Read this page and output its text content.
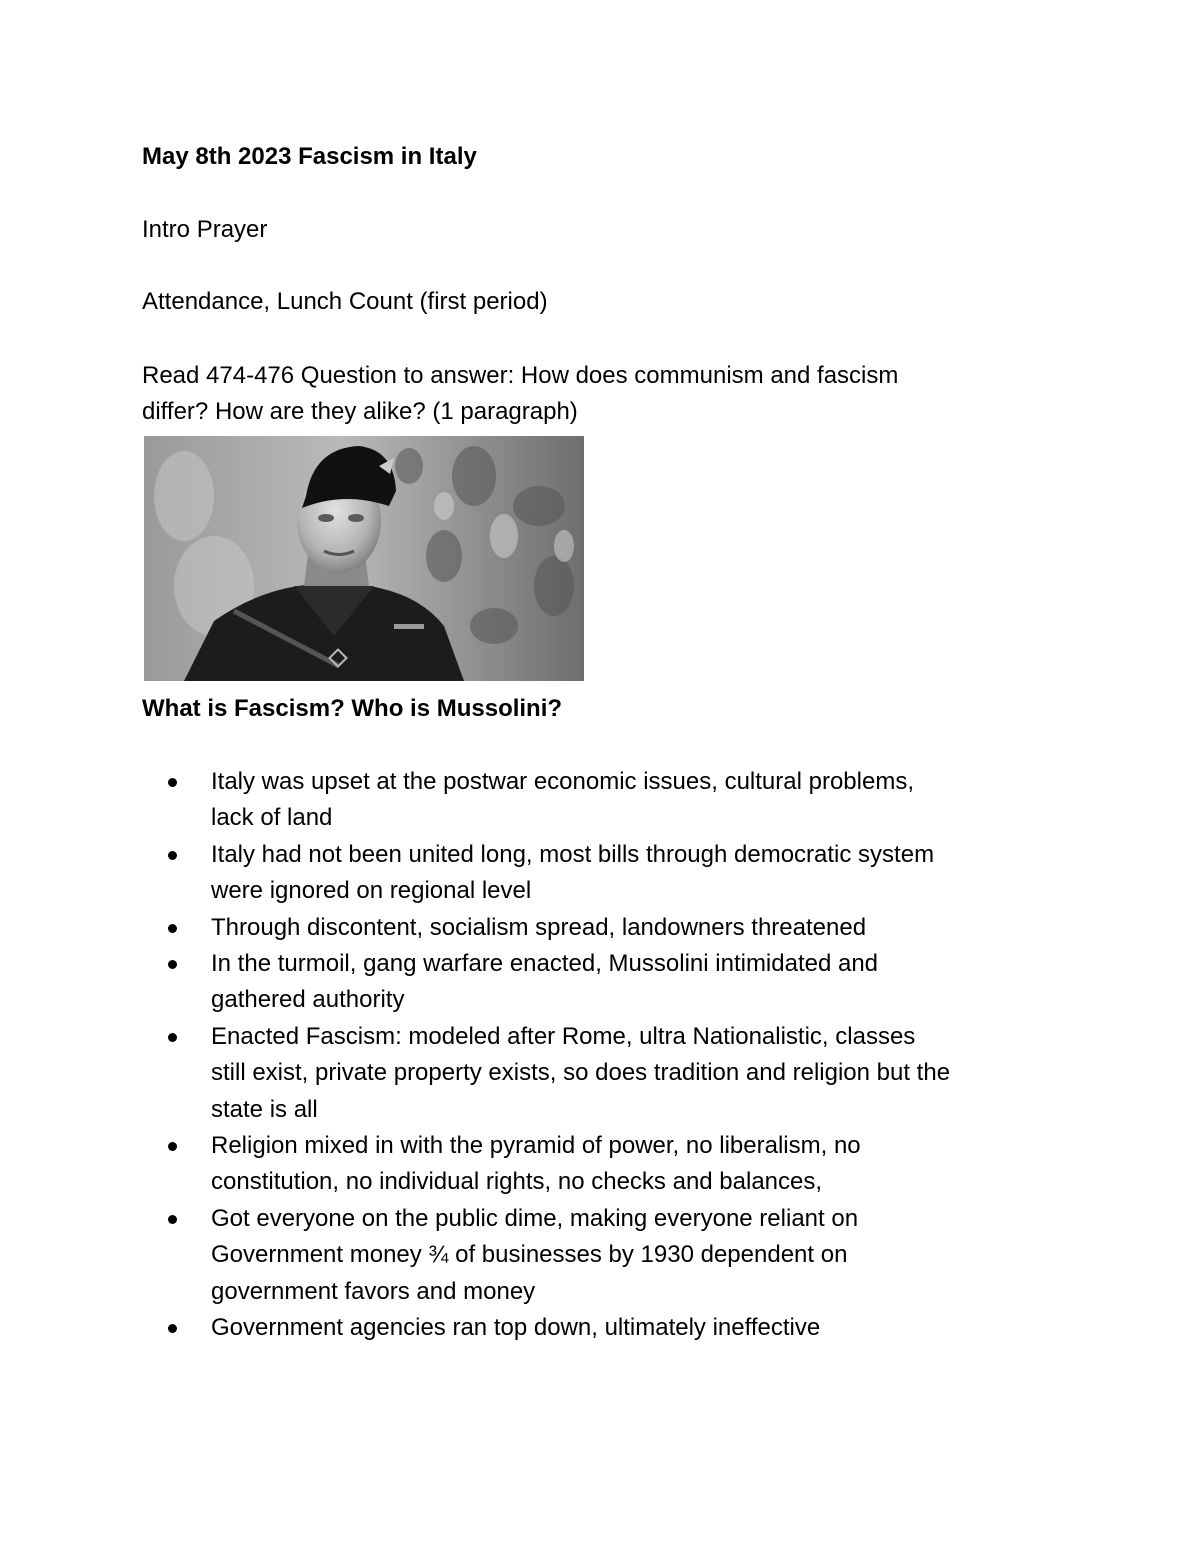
May 8th 2023 Fascism in Italy

Intro Prayer

Attendance, Lunch Count (first period)

Read 474-476 Question to answer: How does communism and fascism
differ? How are they alike? (1 paragraph)

What is Fascism? Who is Mussolini?
Italy was upset at the postwar economic issues, cultural problems,
lack of land
Italy had not been united long, most bills through democratic system
were ignored on regional level
Through discontent, socialism spread, landowners threatened
In the turmoil, gang warfare enacted, Mussolini intimidated and
gathered authority
Enacted Fascism: modeled after Rome, ultra Nationalistic, classes
still exist, private property exists, so does tradition and religion but the
state is all
Religion mixed in with the pyramid of power, no liberalism, no
constitution, no individual rights, no checks and balances,
Got everyone on the public dime, making everyone reliant on
Government money ¾ of businesses by 1930 dependent on
government favors and money
Government agencies ran top down, ultimately ineffective
